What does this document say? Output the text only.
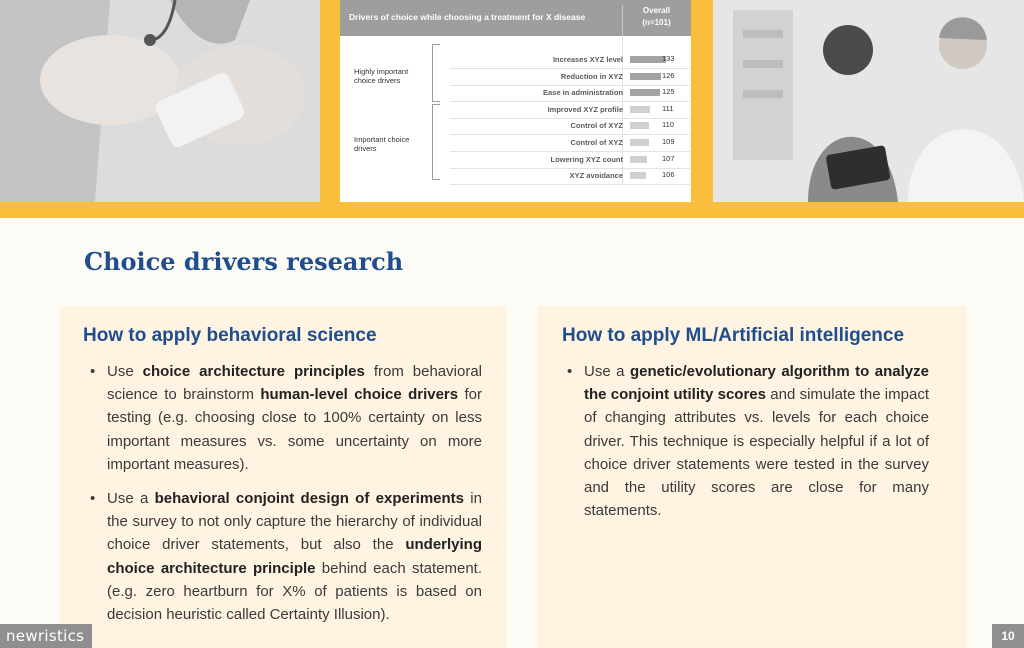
Drivers of choice while choosing a treatment for X disease
Overall
(n=101)
Highly important
choice drivers
Important choice
drivers
Increases XYZ level	133
Reduction in XYZ	126
Ease in administration	125
Improved XYZ profile	111
Control of XYZ	110
Control of XYZ	109
Lowering XYZ count	107
XYZ avoidance	106
Choice drivers research
How to apply behavioral science
• Use choice architecture principles from behavioral science to brainstorm human-level choice drivers for testing (e.g. choosing close to 100% certainty on less important measures vs. some uncertainty on more important measures).
• Use a behavioral conjoint design of experiments in the survey to not only capture the hierarchy of individual choice driver statements, but also the underlying choice architecture principle behind each statement. (e.g. zero heartburn for X% of patients is based on decision heuristic called Certainty Illusion).
How to apply ML/Artificial intelligence
• Use a genetic/evolutionary algorithm to analyze the conjoint utility scores and simulate the impact of changing attributes vs. levels for each choice driver. This technique is especially helpful if a lot of choice driver statements were tested in the survey and the utility scores are close for many statements.
newristics	10
